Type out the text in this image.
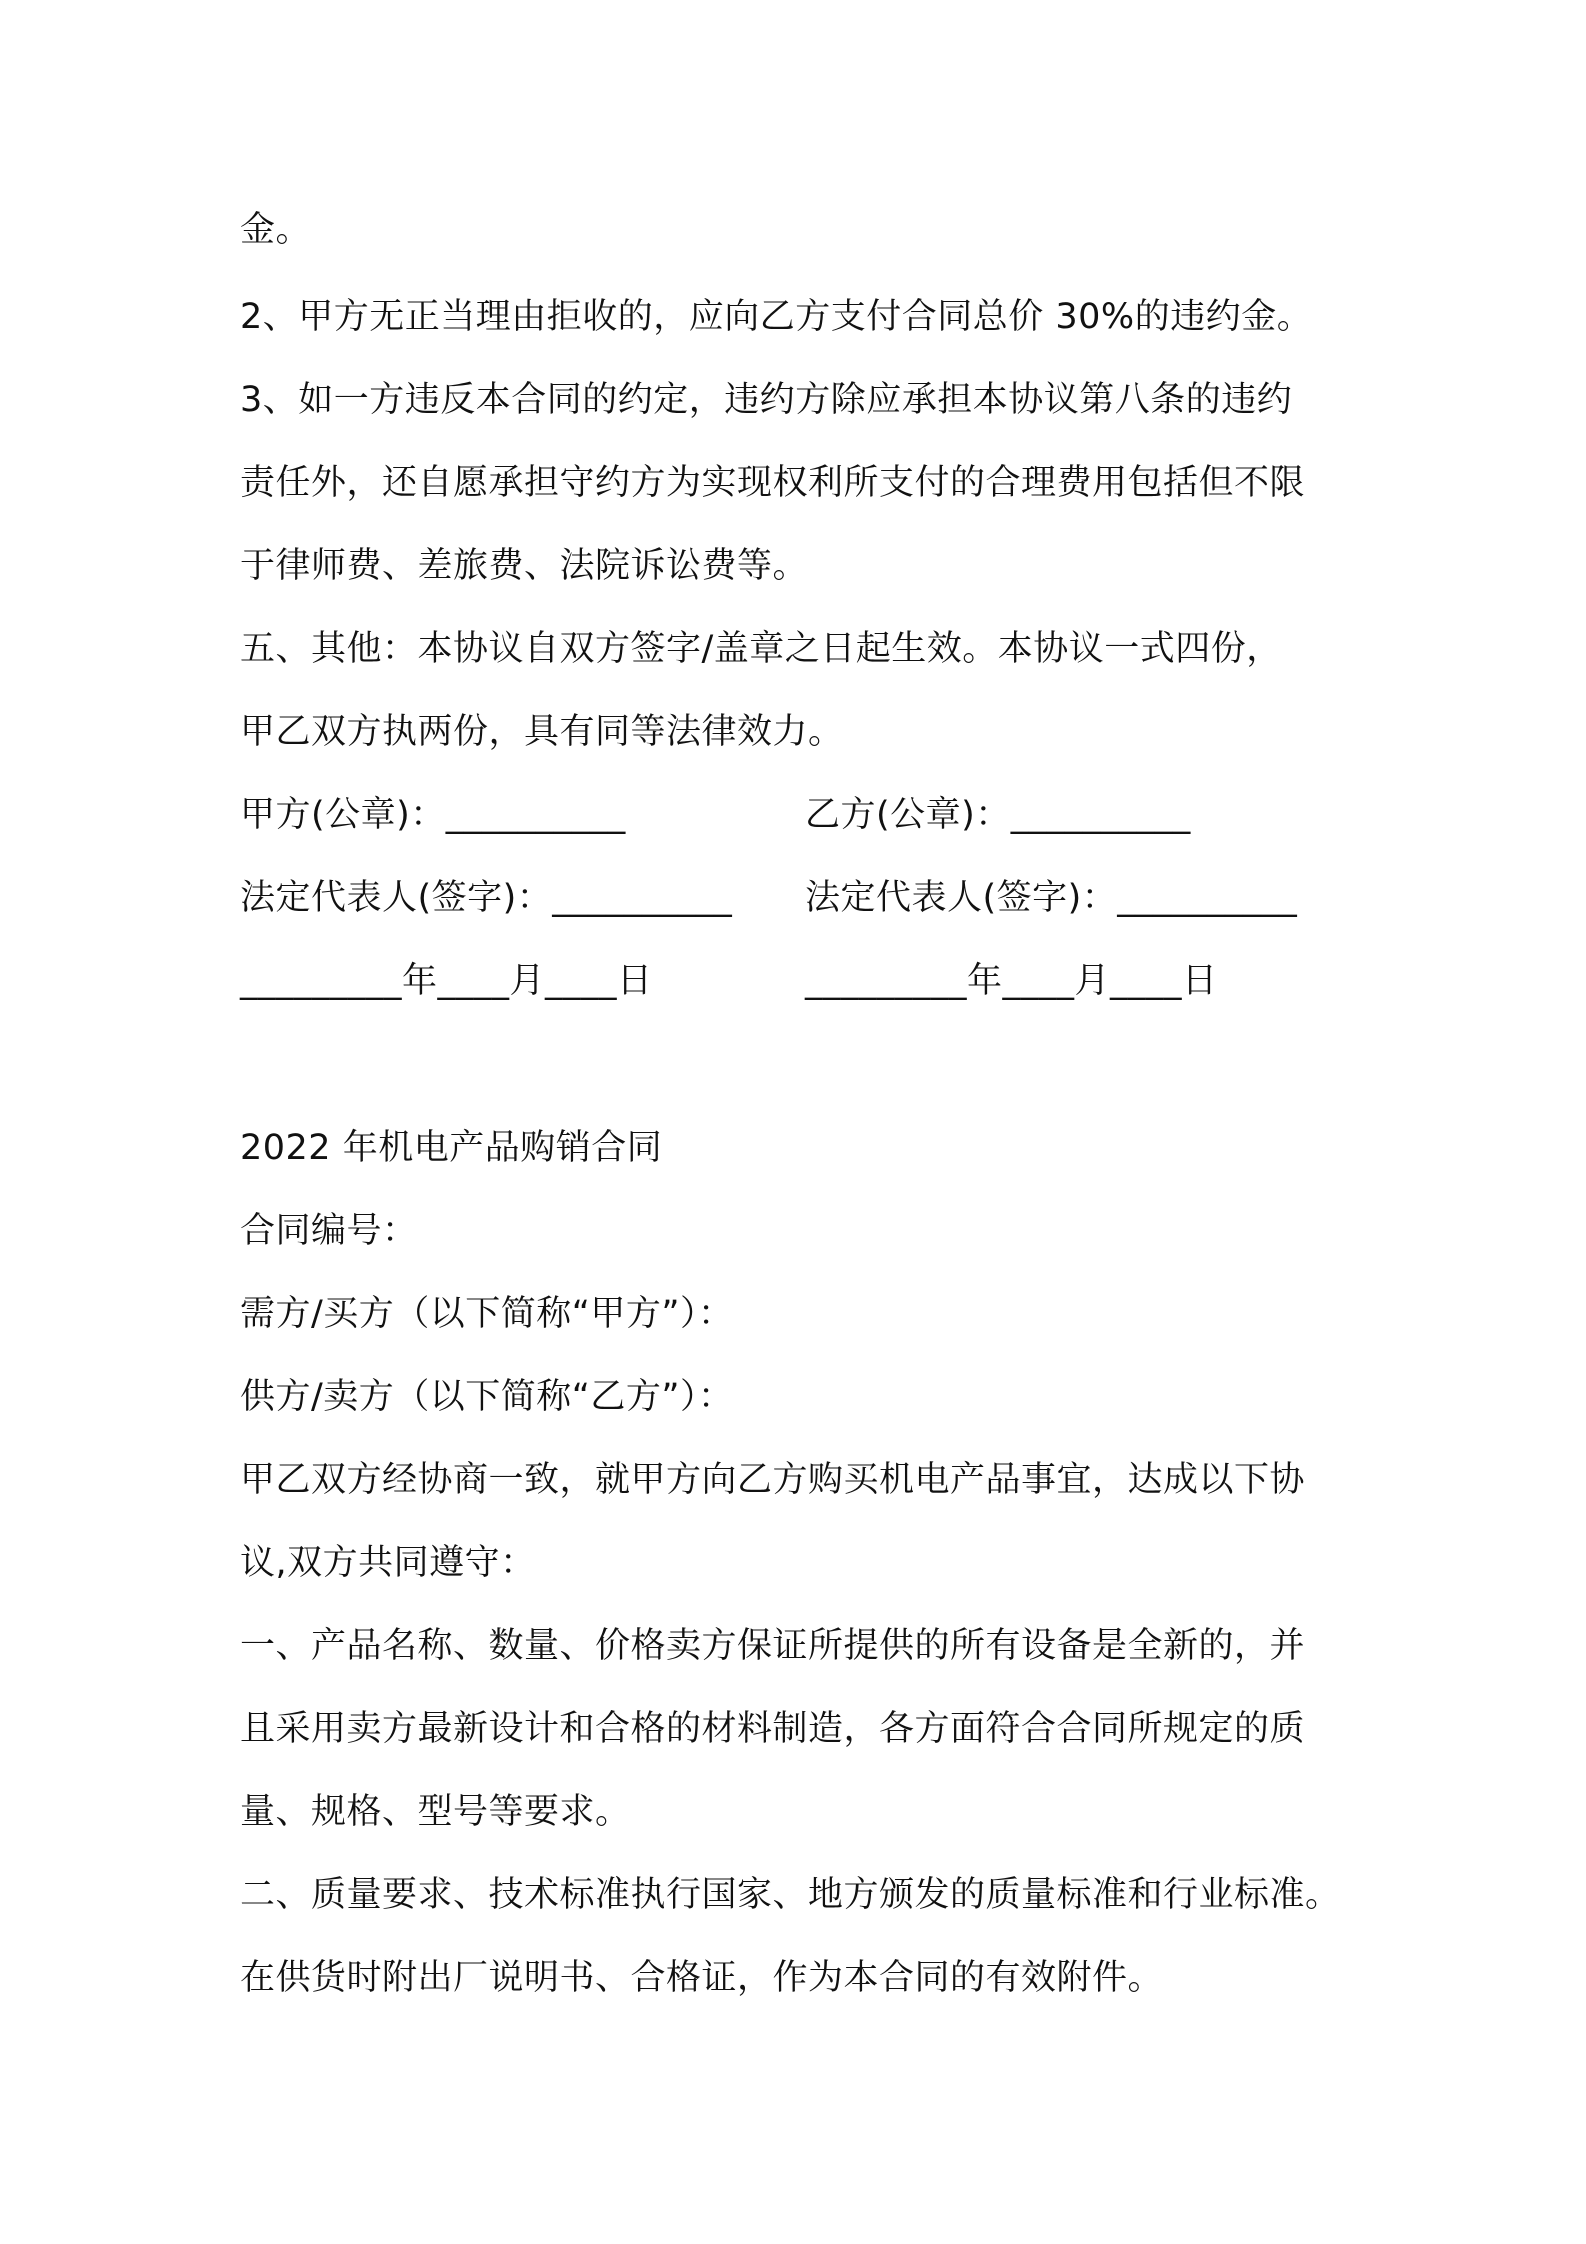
金。
2、甲方无正当理由拒收的，应向乙方支付合同总价 30%的违约金。
3、如一方违反本合同的约定，违约方除应承担本协议第八条的违约
责任外，还自愿承担守约方为实现权利所支付的合理费用包括但不限
于律师费、差旅费、法院诉讼费等。
五、其他：本协议自双方签字/盖章之日起生效。本协议一式四份，
甲乙双方执两份，具有同等法律效力。
甲方(公章)：__________	乙方(公章)：__________
法定代表人(签字)：__________ 法定代表人(签字)：__________
_________年____月____日	_________年____月____日
2022 年机电产品购销合同
合同编号：
需方/买方（以下简称“甲方”）：
供方/卖方（以下简称“乙方”）：
甲乙双方经协商一致，就甲方向乙方购买机电产品事宜，达成以下协
议,双方共同遵守：
一、产品名称、数量、价格卖方保证所提供的所有设备是全新的，并
且采用卖方最新设计和合格的材料制造，各方面符合合同所规定的质
量、规格、型号等要求。
二、质量要求、技术标准执行国家、地方颁发的质量标准和行业标准。
在供货时附出厂说明书、合格证，作为本合同的有效附件。
